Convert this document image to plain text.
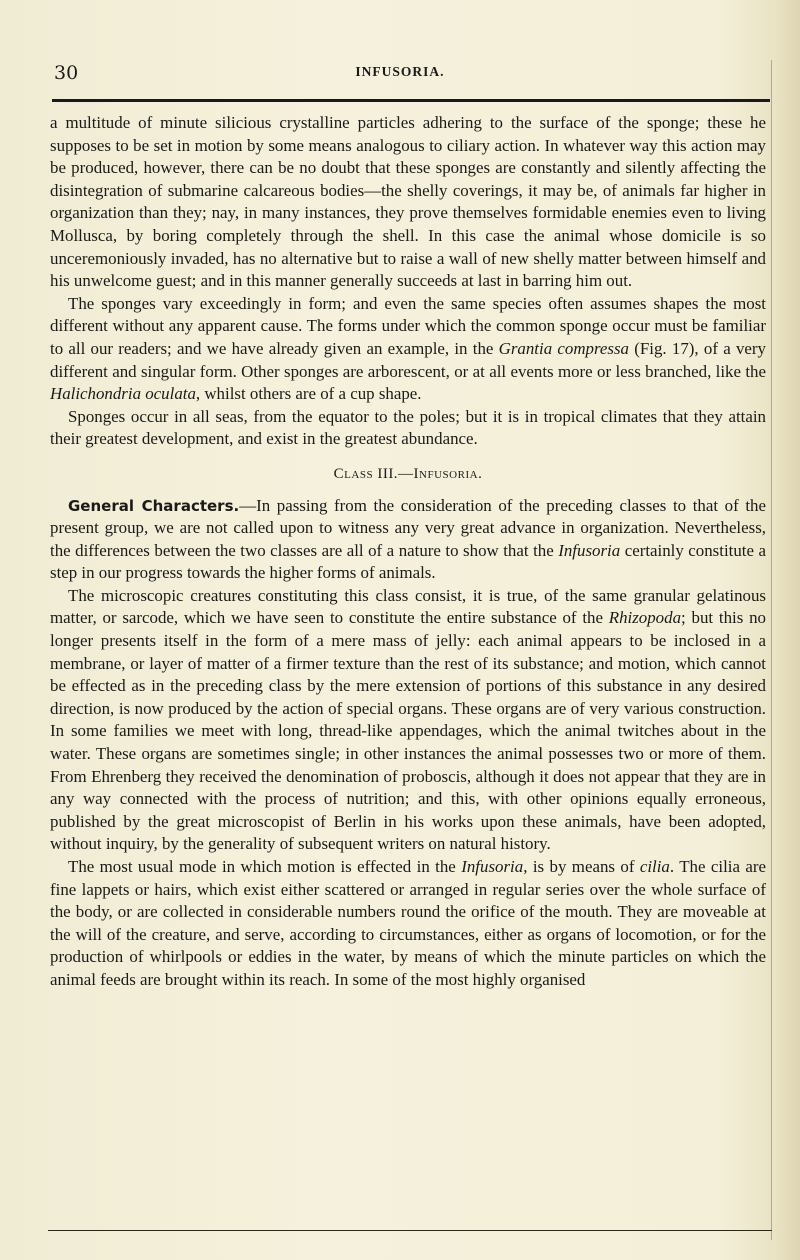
30	INFUSORIA.

a multitude of minute silicious crystalline particles adhering to the surface of the sponge; these he supposes to be set in motion by some means analogous to ciliary action. In whatever way this action may be produced, however, there can be no doubt that these sponges are constantly and silently affecting the disintegration of submarine calcareous bodies—the shelly coverings, it may be, of animals far higher in organization than they; nay, in many instances, they prove themselves formidable enemies even to living Mollusca, by boring completely through the shell. In this case the animal whose domicile is so unceremoniously invaded, has no alternative but to raise a wall of new shelly matter between himself and his unwelcome guest; and in this manner generally succeeds at last in barring him out.

The sponges vary exceedingly in form; and even the same species often assumes shapes the most different without any apparent cause. The forms under which the common sponge occur must be familiar to all our readers; and we have already given an example, in the Grantia compressa (Fig. 17), of a very different and singular form. Other sponges are arborescent, or at all events more or less branched, like the Halichondria oculata, whilst others are of a cup shape.

Sponges occur in all seas, from the equator to the poles; but it is in tropical climates that they attain their greatest development, and exist in the greatest abundance.

Class III.—Infusoria.

General Characters.—In passing from the consideration of the preceding classes to that of the present group, we are not called upon to witness any very great advance in organization. Nevertheless, the differences between the two classes are all of a nature to show that the Infusoria certainly constitute a step in our progress towards the higher forms of animals.

The microscopic creatures constituting this class consist, it is true, of the same granular gelatinous matter, or sarcode, which we have seen to constitute the entire substance of the Rhizopoda; but this no longer presents itself in the form of a mere mass of jelly: each animal appears to be inclosed in a membrane, or layer of matter of a firmer texture than the rest of its substance; and motion, which cannot be effected as in the preceding class by the mere extension of portions of this substance in any desired direction, is now produced by the action of special organs. These organs are of very various construction. In some families we meet with long, thread-like appendages, which the animal twitches about in the water. These organs are sometimes single; in other instances the animal possesses two or more of them. From Ehrenberg they received the denomination of proboscis, although it does not appear that they are in any way connected with the process of nutrition; and this, with other opinions equally erroneous, published by the great microscopist of Berlin in his works upon these animals, have been adopted, without inquiry, by the generality of subsequent writers on natural history.

The most usual mode in which motion is effected in the Infusoria, is by means of cilia. The cilia are fine lappets or hairs, which exist either scattered or arranged in regular series over the whole surface of the body, or are collected in considerable numbers round the orifice of the mouth. They are moveable at the will of the creature, and serve, according to circumstances, either as organs of locomotion, or for the production of whirlpools or eddies in the water, by means of which the minute particles on which the animal feeds are brought within its reach. In some of the most highly organised
